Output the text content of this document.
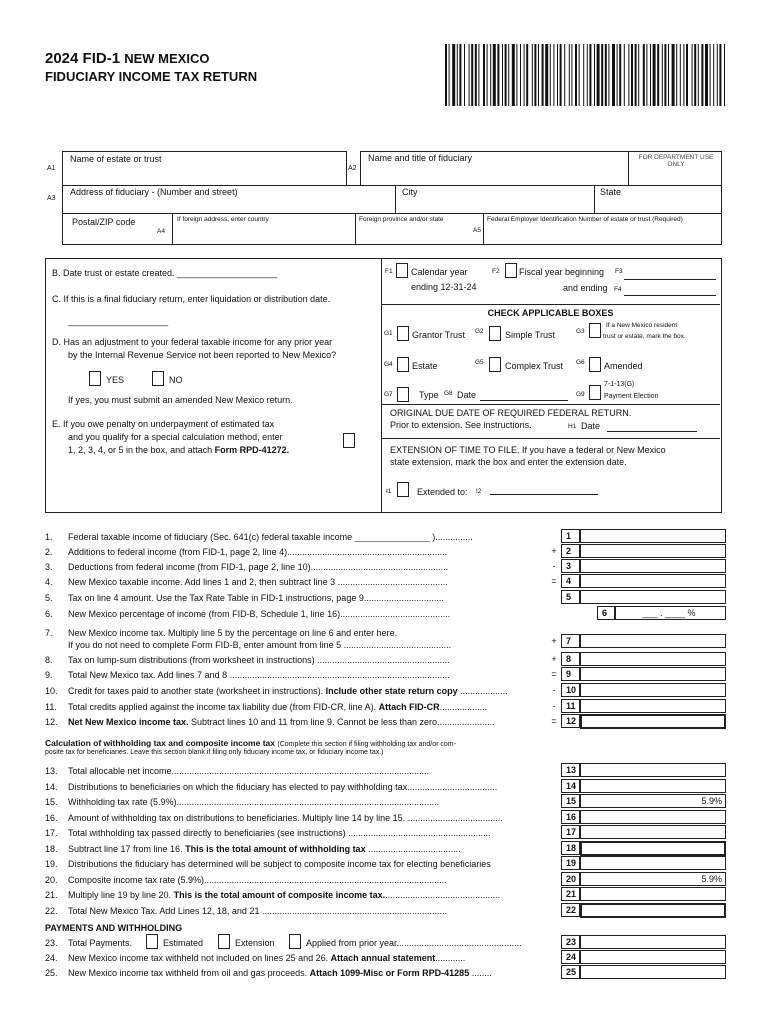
2024 FID-1 NEW MEXICO
FIDUCIARY INCOME TAX RETURN
A1
Name of estate or trust
A2
Name and title of fiduciary	FOR DEPARTMENT USE ONLY
A3
Address of fiduciary - (Number and street)	City	State
Postal/ZIP code
A4
If foreign address, enter country	Foreign province and/or state
A5
Federal Employer Identification Number of estate or trust (Required)
B. Date trust or estate created. ____________________
C. If this is a final fiduciary return, enter liquidation or distribution date.
____________________
D. Has an adjustment to your federal taxable income for any prior year
by the Internal Revenue Service not been reported to New Mexico?
YES	NO
If yes, you must submit an amended New Mexico return.
E. If you owe penalty on underpayment of estimated tax
and you qualify for a special calculation method, enter
1, 2, 3, 4, or 5 in the box, and attach Form RPD-41272.
F1 Calendar year
ending 12-31-24
F2 Fiscal year beginning F3
and ending F4
CHECK APPLICABLE BOXES
G1 Grantor Trust G2 Simple Trust	G3
If a New Mexico resident
trust or estate, mark the box.
G4 Estate	G5 Complex Trust G6 Amended
G7	Type G8 Date	G9
7-1-13(G)
Payment Election
ORIGINAL DUE DATE OF REQUIRED FEDERAL RETURN.
Prior to extension. See instructions.	H1 Date
EXTENSION OF TIME TO FILE. If you have a federal or New Mexico
state extension, mark the box and enter the extension date.
I1	Extended to: I2
1.	Federal taxable income of fiduciary (Sec. 641(c) federal taxable income _______________ )...............	1
2.	Additions to federal income (from FID-1, page 2, line 4)................................................................	+	2
3.	Deductions from federal income (from FID-1, page 2, line 10).......................................................	-	3
4.	New Mexico taxable income. Add lines 1 and 2, then subtract line 3 ............................................	=	4
5.	Tax on line 4 amount. Use the Tax Rate Table in FID-1 instructions, page 9................................	5
6.	New Mexico percentage of income (from FID-B, Schedule 1, line 16)............................................	6	___ . ____ %
7.	New Mexico income tax. Multiply line 5 by the percentage on line 6 and enter here.
If you do not need to complete Form FID-B, enter amount from line 5 ...........................................	+	7
8.	Tax on lump-sum distributions (from worksheet in instructions) .....................................................	+	8
9.	Total New Mexico tax. Add lines 7 and 8 ........................................................................................	=	9
10.	Credit for taxes paid to another state (worksheet in instructions). Include other state return copy ...................	-	10
11.	Total credits applied against the income tax liability due (from FID-CR, line A). Attach FID-CR...................	-	11
12.	Net New Mexico income tax. Subtract lines 10 and 11 from line 9. Cannot be less than zero.......................	=	12
13.	Total allocable net income.......................................................................................................	13
14.	Distributions to beneficiaries on which the fiduciary has elected to pay withholding tax....................................	14
15.	Withholding tax rate (5.9%).........................................................................................................	15	5.9%
16.	Amount of withholding tax on distributions to beneficiaries. Multiply line 14 by line 15. ......................................	16
17.	Total withholding tax passed directly to beneficiaries (see instructions) .........................................................	17
18.	Subtract line 17 from line 16. This is the total amount of withholding tax .....................................	18
19.	Distributions the fiduciary has determined will be subject to composite income tax for electing beneficiaries	19
20.	Composite income tax rate (5.9%).................................................................................................	20	5.9%
21.	Multiply line 19 by line 20. This is the total amount of composite income tax...............................................	21
22.	Total New Mexico Tax. Add Lines 12, 18, and 21 ..........................................................................	22
23.	Total Payments.	23
24.	New Mexico income tax withheld not included on lines 25 and 26. Attach annual statement............	24
25.	New Mexico income tax withheld from oil and gas proceeds. Attach 1099-Misc or Form RPD-41285 ........	25
Estimated	Extension	Applied from prior year..................................................
Calculation of withholding tax and composite income tax (Complete this section if filing withholding tax and/or com-
posite tax for beneficiaries. Leave this section blank if filing only fiduciary income tax, or fiduciary income tax.)
PAYMENTS AND WITHHOLDING
